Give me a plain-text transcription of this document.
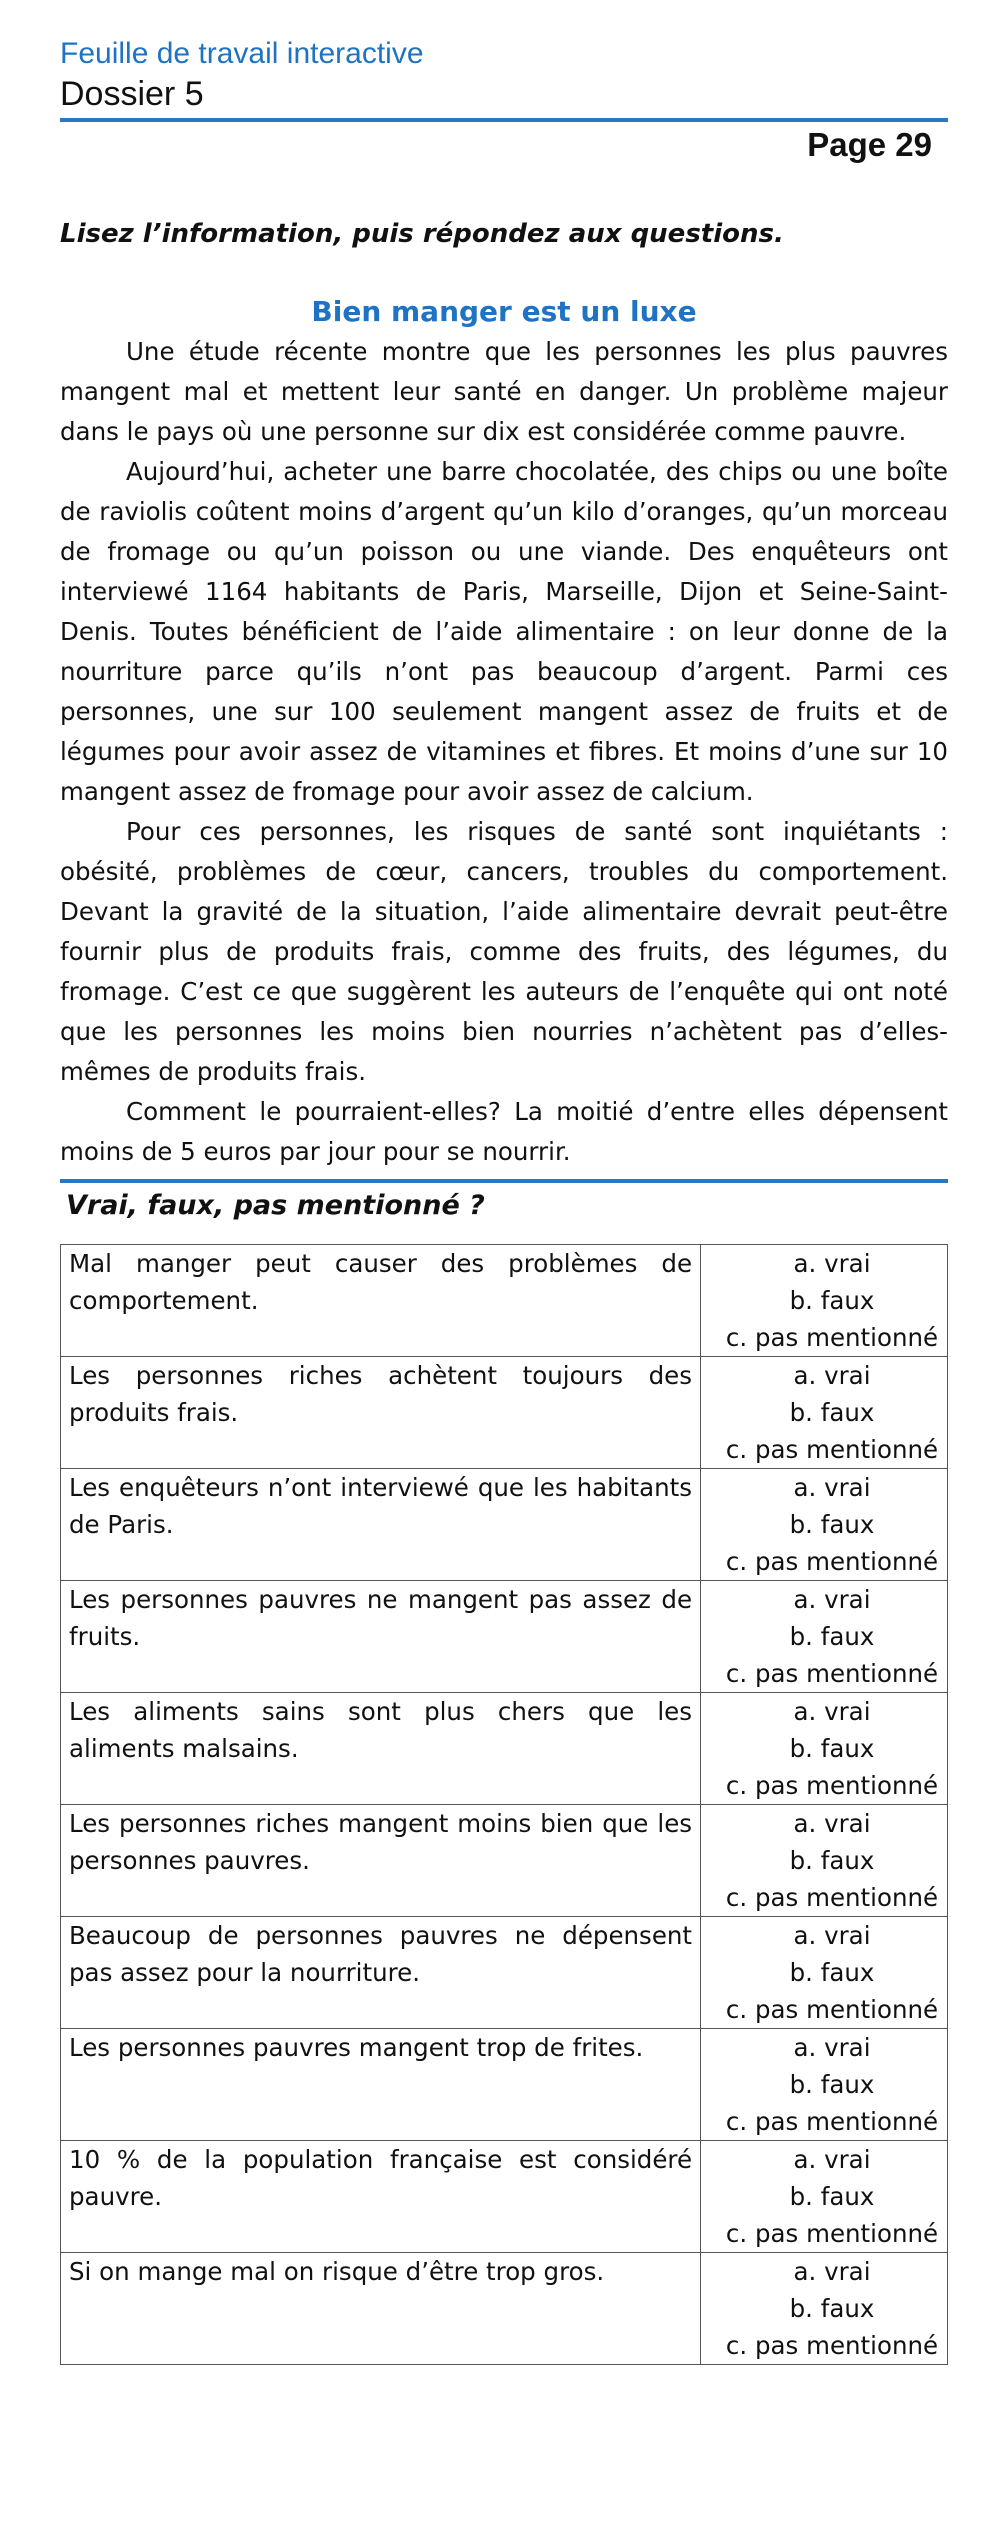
Feuille de travail interactive
Dossier 5
Page 29
Lisez l’information, puis répondez aux questions.
Bien manger est un luxe

Une étude récente montre que les personnes les plus pauvres mangent mal et mettent leur santé en danger. Un problème majeur dans le pays où une personne sur dix est considérée comme pauvre.

Aujourd’hui, acheter une barre chocolatée, des chips ou une boîte de raviolis coûtent moins d’argent qu’un kilo d’oranges, qu’un morceau de fromage ou qu’un poisson ou une viande. Des enquêteurs ont interviewé 1164 habitants de Paris, Marseille, Dijon et Seine-Saint-Denis. Toutes bénéficient de l’aide alimentaire : on leur donne de la nourriture parce qu’ils n’ont pas beaucoup d’argent. Parmi ces personnes, une sur 100 seulement mangent assez de fruits et de légumes pour avoir assez de vitamines et fibres. Et moins d’une sur 10 mangent assez de fromage pour avoir assez de calcium.

Pour ces personnes, les risques de santé sont inquiétants : obésité, problèmes de cœur, cancers, troubles du comportement. Devant la gravité de la situation, l’aide alimentaire devrait peut-être fournir plus de produits frais, comme des fruits, des légumes, du fromage. C’est ce que suggèrent les auteurs de l’enquête qui ont noté que les personnes les moins bien nourries n’achètent pas d’elles-mêmes de produits frais.

Comment le pourraient-elles? La moitié d’entre elles dépensent moins de 5 euros par jour pour se nourrir.

Vrai, faux, pas mentionné ?
Mal manger peut causer des problèmes de comportement.	a. vrai
b. faux
c. pas mentionné

Les personnes riches achètent toujours des produits frais.	a. vrai
b. faux
c. pas mentionné

Les enquêteurs n’ont interviewé que les habitants de Paris.	a. vrai
b. faux
c. pas mentionné

Les personnes pauvres ne mangent pas assez de fruits.	a. vrai
b. faux
c. pas mentionné

Les aliments sains sont plus chers que les aliments malsains.	a. vrai
b. faux
c. pas mentionné

Les personnes riches mangent moins bien que les personnes pauvres.	a. vrai
b. faux
c. pas mentionné

Beaucoup de personnes pauvres ne dépensent pas assez pour la nourriture.	a. vrai
b. faux
c. pas mentionné

Les personnes pauvres mangent trop de frites.	a. vrai
b. faux
c. pas mentionné

10 % de la population française est considéré pauvre.	a. vrai
b. faux
c. pas mentionné

Si on mange mal on risque d’être trop gros.	a. vrai
b. faux
c. pas mentionné
